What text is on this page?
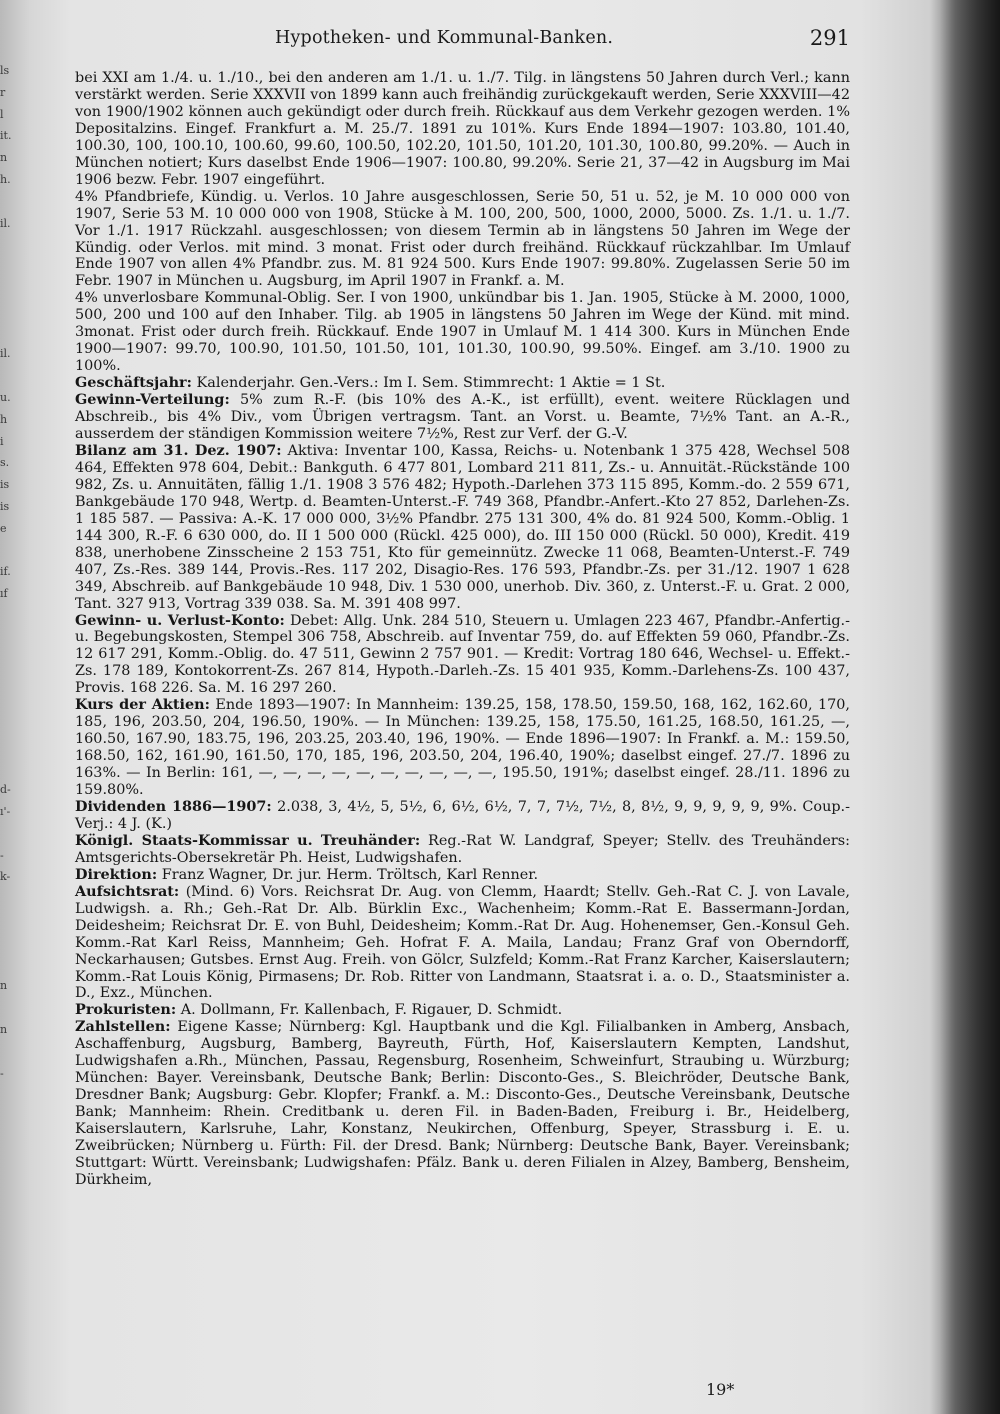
ls
r
l
it.
n
h.

il.

il.

u.
h
i
s.
is
is
e

if.
ıf

d-
ı'-

-
k-

n

n

-

Hypotheken- und Kommunal-Banken.	291

bei XXI am 1./4. u. 1./10., bei den anderen am 1./1. u. 1./7. Tilg. in längstens 50 Jahren durch Verl.; kann verstärkt werden. Serie XXXVII von 1899 kann auch freihändig zurückgekauft werden, Serie XXXVIII—42 von 1900/1902 können auch gekündigt oder durch freih. Rückkauf aus dem Verkehr gezogen werden. 1% Depositalzins. Eingef. Frankfurt a. M. 25./7. 1891 zu 101%. Kurs Ende 1894—1907: 103.80, 101.40, 100.30, 100, 100.10, 100.60, 99.60, 100.50, 102.20, 101.50, 101.20, 101.30, 100.80, 99.20%. — Auch in München notiert; Kurs daselbst Ende 1906—1907: 100.80, 99.20%. Serie 21, 37—42 in Augsburg im Mai 1906 bezw. Febr. 1907 eingeführt.

4% Pfandbriefe, Kündig. u. Verlos. 10 Jahre ausgeschlossen, Serie 50, 51 u. 52, je M. 10 000 000 von 1907, Serie 53 M. 10 000 000 von 1908, Stücke à M. 100, 200, 500, 1000, 2000, 5000. Zs. 1./1. u. 1./7. Vor 1./1. 1917 Rückzahl. ausgeschlossen; von diesem Termin ab in längstens 50 Jahren im Wege der Kündig. oder Verlos. mit mind. 3 monat. Frist oder durch freihänd. Rückkauf rückzahlbar. Im Umlauf Ende 1907 von allen 4% Pfandbr. zus. M. 81 924 500. Kurs Ende 1907: 99.80%. Zugelassen Serie 50 im Febr. 1907 in München u. Augsburg, im April 1907 in Frankf. a. M.

4% unverlosbare Kommunal-Oblig. Ser. I von 1900, unkündbar bis 1. Jan. 1905, Stücke à M. 2000, 1000, 500, 200 und 100 auf den Inhaber. Tilg. ab 1905 in längstens 50 Jahren im Wege der Künd. mit mind. 3monat. Frist oder durch freih. Rückkauf. Ende 1907 in Umlauf M. 1 414 300. Kurs in München Ende 1900—1907: 99.70, 100.90, 101.50, 101.50, 101, 101.30, 100.90, 99.50%. Eingef. am 3./10. 1900 zu 100%.

Geschäftsjahr: Kalenderjahr. Gen.-Vers.: Im I. Sem. Stimmrecht: 1 Aktie = 1 St.

Gewinn-Verteilung: 5% zum R.-F. (bis 10% des A.-K., ist erfüllt), event. weitere Rücklagen und Abschreib., bis 4% Div., vom Übrigen vertragsm. Tant. an Vorst. u. Beamte, 7½% Tant. an A.-R., ausserdem der ständigen Kommission weitere 7½%, Rest zur Verf. der G.-V.

Bilanz am 31. Dez. 1907: Aktiva: Inventar 100, Kassa, Reichs- u. Notenbank 1 375 428, Wechsel 508 464, Effekten 978 604, Debit.: Bankguth. 6 477 801, Lombard 211 811, Zs.- u. Annuität.-Rückstände 100 982, Zs. u. Annuitäten, fällig 1./1. 1908 3 576 482; Hypoth.-Darlehen 373 115 895, Komm.-do. 2 559 671, Bankgebäude 170 948, Wertp. d. Beamten-Unterst.-F. 749 368, Pfandbr.-Anfert.-Kto 27 852, Darlehen-Zs. 1 185 587. — Passiva: A.-K. 17 000 000, 3½% Pfandbr. 275 131 300, 4% do. 81 924 500, Komm.-Oblig. 1 144 300, R.-F. 6 630 000, do. II 1 500 000 (Rückl. 425 000), do. III 150 000 (Rückl. 50 000), Kredit. 419 838, unerhobene Zinsscheine 2 153 751, Kto für gemeinnütz. Zwecke 11 068, Beamten-Unterst.-F. 749 407, Zs.-Res. 389 144, Provis.-Res. 117 202, Disagio-Res. 176 593, Pfandbr.-Zs. per 31./12. 1907 1 628 349, Abschreib. auf Bankgebäude 10 948, Div. 1 530 000, unerhob. Div. 360, z. Unterst.-F. u. Grat. 2 000, Tant. 327 913, Vortrag 339 038. Sa. M. 391 408 997.

Gewinn- u. Verlust-Konto: Debet: Allg. Unk. 284 510, Steuern u. Umlagen 223 467, Pfandbr.-Anfertig.- u. Begebungskosten, Stempel 306 758, Abschreib. auf Inventar 759, do. auf Effekten 59 060, Pfandbr.-Zs. 12 617 291, Komm.-Oblig. do. 47 511, Gewinn 2 757 901. — Kredit: Vortrag 180 646, Wechsel- u. Effekt.-Zs. 178 189, Kontokorrent-Zs. 267 814, Hypoth.-Darleh.-Zs. 15 401 935, Komm.-Darlehens-Zs. 100 437, Provis. 168 226. Sa. M. 16 297 260.

Kurs der Aktien: Ende 1893—1907: In Mannheim: 139.25, 158, 178.50, 159.50, 168, 162, 162.60, 170, 185, 196, 203.50, 204, 196.50, 190%. — In München: 139.25, 158, 175.50, 161.25, 168.50, 161.25, —, 160.50, 167.90, 183.75, 196, 203.25, 203.40, 196, 190%. — Ende 1896—1907: In Frankf. a. M.: 159.50, 168.50, 162, 161.90, 161.50, 170, 185, 196, 203.50, 204, 196.40, 190%; daselbst eingef. 27./7. 1896 zu 163%. — In Berlin: 161, —, —, —, —, —, —, —, —, —, —, 195.50, 191%; daselbst eingef. 28./11. 1896 zu 159.80%.

Dividenden 1886—1907: 2.038, 3, 4½, 5, 5½, 6, 6½, 6½, 7, 7, 7½, 7½, 8, 8½, 9, 9, 9, 9, 9, 9%. Coup.-Verj.: 4 J. (K.)

Königl. Staats-Kommissar u. Treuhänder: Reg.-Rat W. Landgraf, Speyer; Stellv. des Treuhänders: Amtsgerichts-Obersekretär Ph. Heist, Ludwigshafen.

Direktion: Franz Wagner, Dr. jur. Herm. Tröltsch, Karl Renner.

Aufsichtsrat: (Mind. 6) Vors. Reichsrat Dr. Aug. von Clemm, Haardt; Stellv. Geh.-Rat C. J. von Lavale, Ludwigsh. a. Rh.; Geh.-Rat Dr. Alb. Bürklin Exc., Wachenheim; Komm.-Rat E. Bassermann-Jordan, Deidesheim; Reichsrat Dr. E. von Buhl, Deidesheim; Komm.-Rat Dr. Aug. Hohenemser, Gen.-Konsul Geh. Komm.-Rat Karl Reiss, Mannheim; Geh. Hofrat F. A. Maila, Landau; Franz Graf von Oberndorff, Neckarhausen; Gutsbes. Ernst Aug. Freih. von Gölcr, Sulzfeld; Komm.-Rat Franz Karcher, Kaiserslautern; Komm.-Rat Louis König, Pirmasens; Dr. Rob. Ritter von Landmann, Staatsrat i. a. o. D., Staatsminister a. D., Exz., München.

Prokuristen: A. Dollmann, Fr. Kallenbach, F. Rigauer, D. Schmidt.

Zahlstellen: Eigene Kasse; Nürnberg: Kgl. Hauptbank und die Kgl. Filialbanken in Amberg, Ansbach, Aschaffenburg, Augsburg, Bamberg, Bayreuth, Fürth, Hof, Kaiserslautern Kempten, Landshut, Ludwigshafen a.Rh., München, Passau, Regensburg, Rosenheim, Schweinfurt, Straubing u. Würzburg; München: Bayer. Vereinsbank, Deutsche Bank; Berlin: Disconto-Ges., S. Bleichröder, Deutsche Bank, Dresdner Bank; Augsburg: Gebr. Klopfer; Frankf. a. M.: Disconto-Ges., Deutsche Vereinsbank, Deutsche Bank; Mannheim: Rhein. Creditbank u. deren Fil. in Baden-Baden, Freiburg i. Br., Heidelberg, Kaiserslautern, Karlsruhe, Lahr, Konstanz, Neukirchen, Offenburg, Speyer, Strassburg i. E. u. Zweibrücken; Nürnberg u. Fürth: Fil. der Dresd. Bank; Nürnberg: Deutsche Bank, Bayer. Vereinsbank; Stuttgart: Württ. Vereinsbank; Ludwigshafen: Pfälz. Bank u. deren Filialen in Alzey, Bamberg, Bensheim, Dürkheim,

19*
